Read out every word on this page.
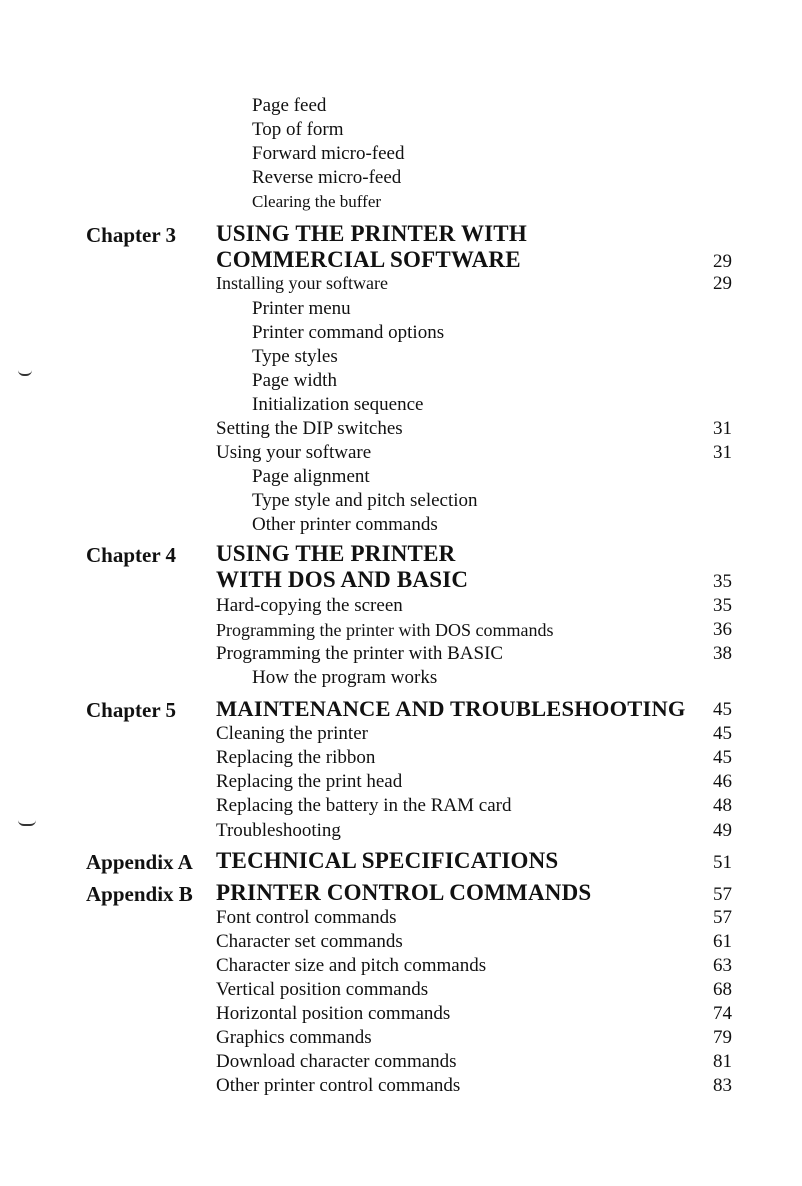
Page feed
Top of form
Forward micro-feed
Reverse micro-feed
Clearing the buffer
Chapter 3 USING THE PRINTER WITH
COMMERCIAL SOFTWARE	29
Installing your software	29
Printer menu
Printer command options
Type styles
Page width
Initialization sequence
Setting the DIP switches	31
Using your software	31
Page alignment
Type style and pitch selection
Other printer commands
Chapter 4 USING THE PRINTER
WITH DOS AND BASIC	35
Hard-copying the screen	35
Programming the printer with DOS commands	36
Programming the printer with BASIC	38
How the program works
Chapter 5 MAINTENANCE AND TROUBLESHOOTING 45
Cleaning the printer	45
Replacing the ribbon	45
Replacing the print head	46
Replacing the battery in the RAM card	48
Troubleshooting	49
Appendix A TECHNICAL SPECIFICATIONS	51
Appendix B PRINTER CONTROL COMMANDS	57
Font control commands	57
Character set commands	61
Character size and pitch commands	63
Vertical position commands	68
Horizontal position commands	74
Graphics commands	79
Download character commands	81
Other printer control commands	83
